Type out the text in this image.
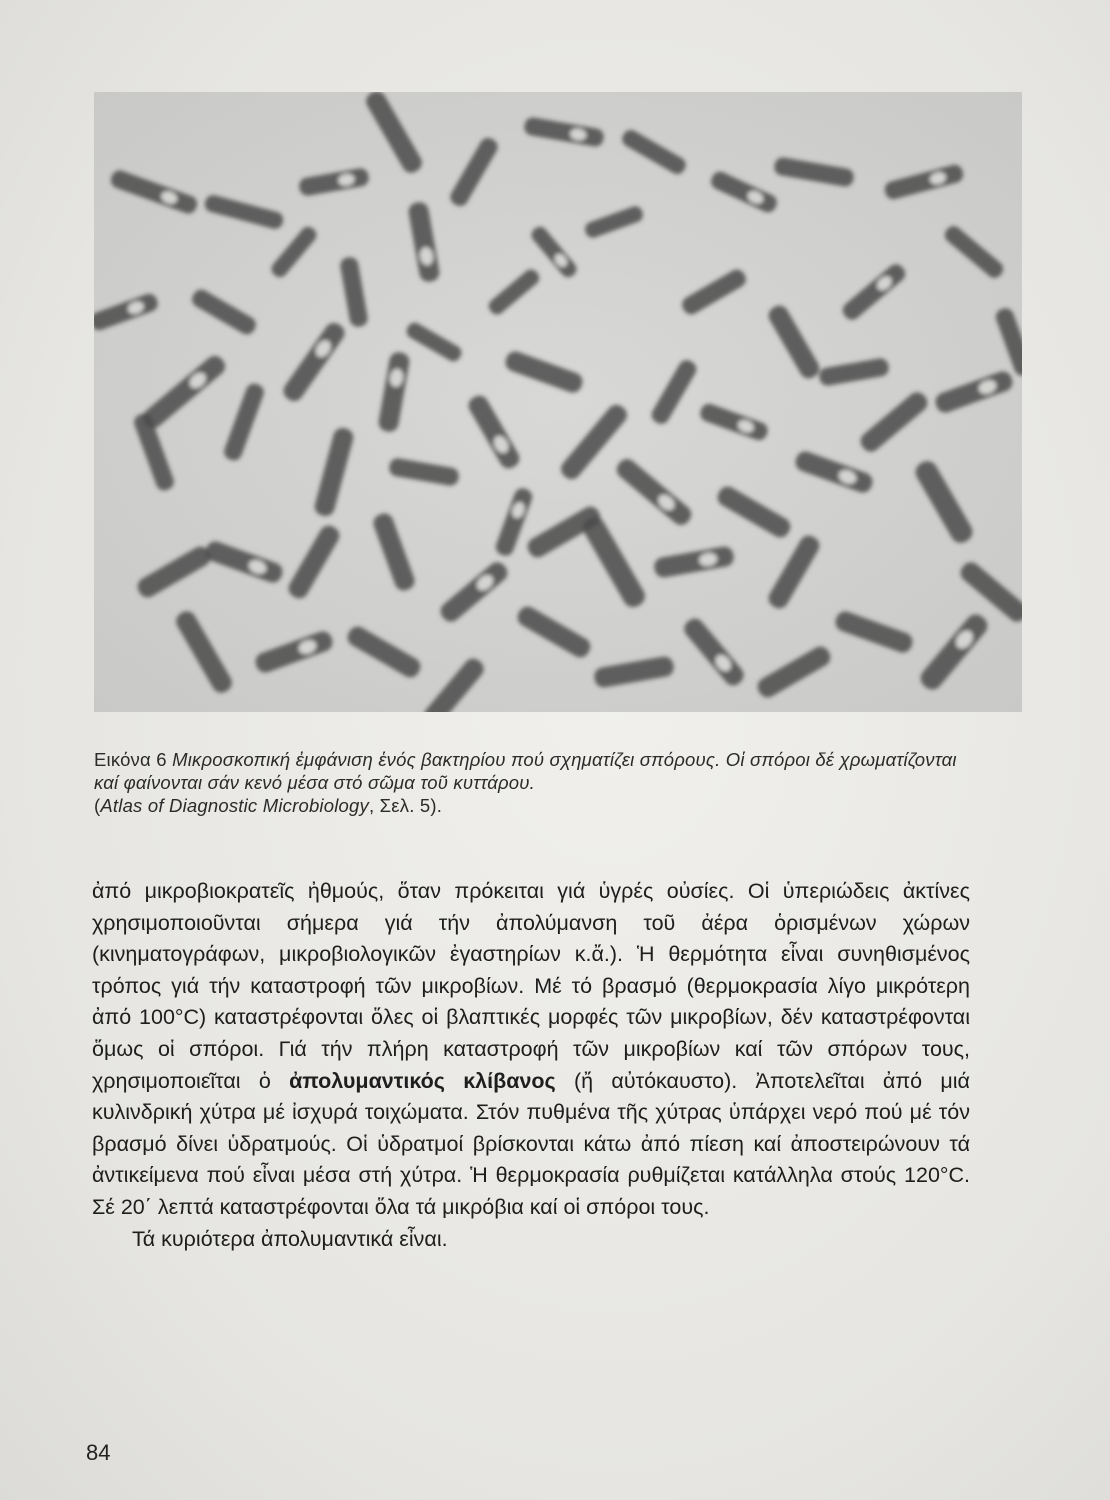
Εικόνα 6 Μικροσκοπική ἐμφάνιση ἑνός βακτηρίου πού σχηματίζει σπόρους. Οἱ σπόροι δέ χρωματίζονται καί φαίνονται σάν κενό μέσα στό σῶμα τοῦ κυττάρου.
(Atlas of Diagnostic Microbiology, Σελ. 5).

ἀπό μικροβιοκρατεῖς ἠθμούς, ὅταν πρόκειται γιά ὑγρές οὐσίες. Οἱ ὑπεριώδεις ἀκτίνες χρησιμοποιοῦνται σήμερα γιά τήν ἀπολύμανση τοῦ ἀέρα ὁρισμένων χώρων (κινηματογράφων, μικροβιολογικῶν ἐγαστηρίων κ.ἄ.). Ἡ θερμότητα εἶναι συνηθισμένος τρόπος γιά τήν καταστροφή τῶν μικροβίων. Μέ τό βρασμό (θερμοκρασία λίγο μικρότερη ἀπό 100°C) καταστρέφονται ὅλες οἱ βλαπτικές μορφές τῶν μικροβίων, δέν καταστρέφονται ὅμως οἱ σπόροι. Γιά τήν πλήρη καταστροφή τῶν μικροβίων καί τῶν σπόρων τους, χρησιμοποιεῖται ὁ ἀπολυμαντικός κλίβανος (ἤ αὐτόκαυστο). Ἀποτελεῖται ἀπό μιά κυλινδρική χύτρα μέ ἰσχυρά τοιχώματα. Στόν πυθμένα τῆς χύτρας ὑπάρχει νερό πού μέ τόν βρασμό δίνει ὑδρατμούς. Οἱ ὑδρατμοί βρίσκονται κάτω ἀπό πίεση καί ἀποστειρώνουν τά ἀντικείμενα πού εἶναι μέσα στή χύτρα. Ἡ θερμοκρασία ρυθμίζεται κατάλληλα στούς 120°C. Σέ 20΄ λεπτά καταστρέφονται ὅλα τά μικρόβια καί οἱ σπόροι τους.

Τά κυριότερα ἀπολυμαντικά εἶναι.

84
